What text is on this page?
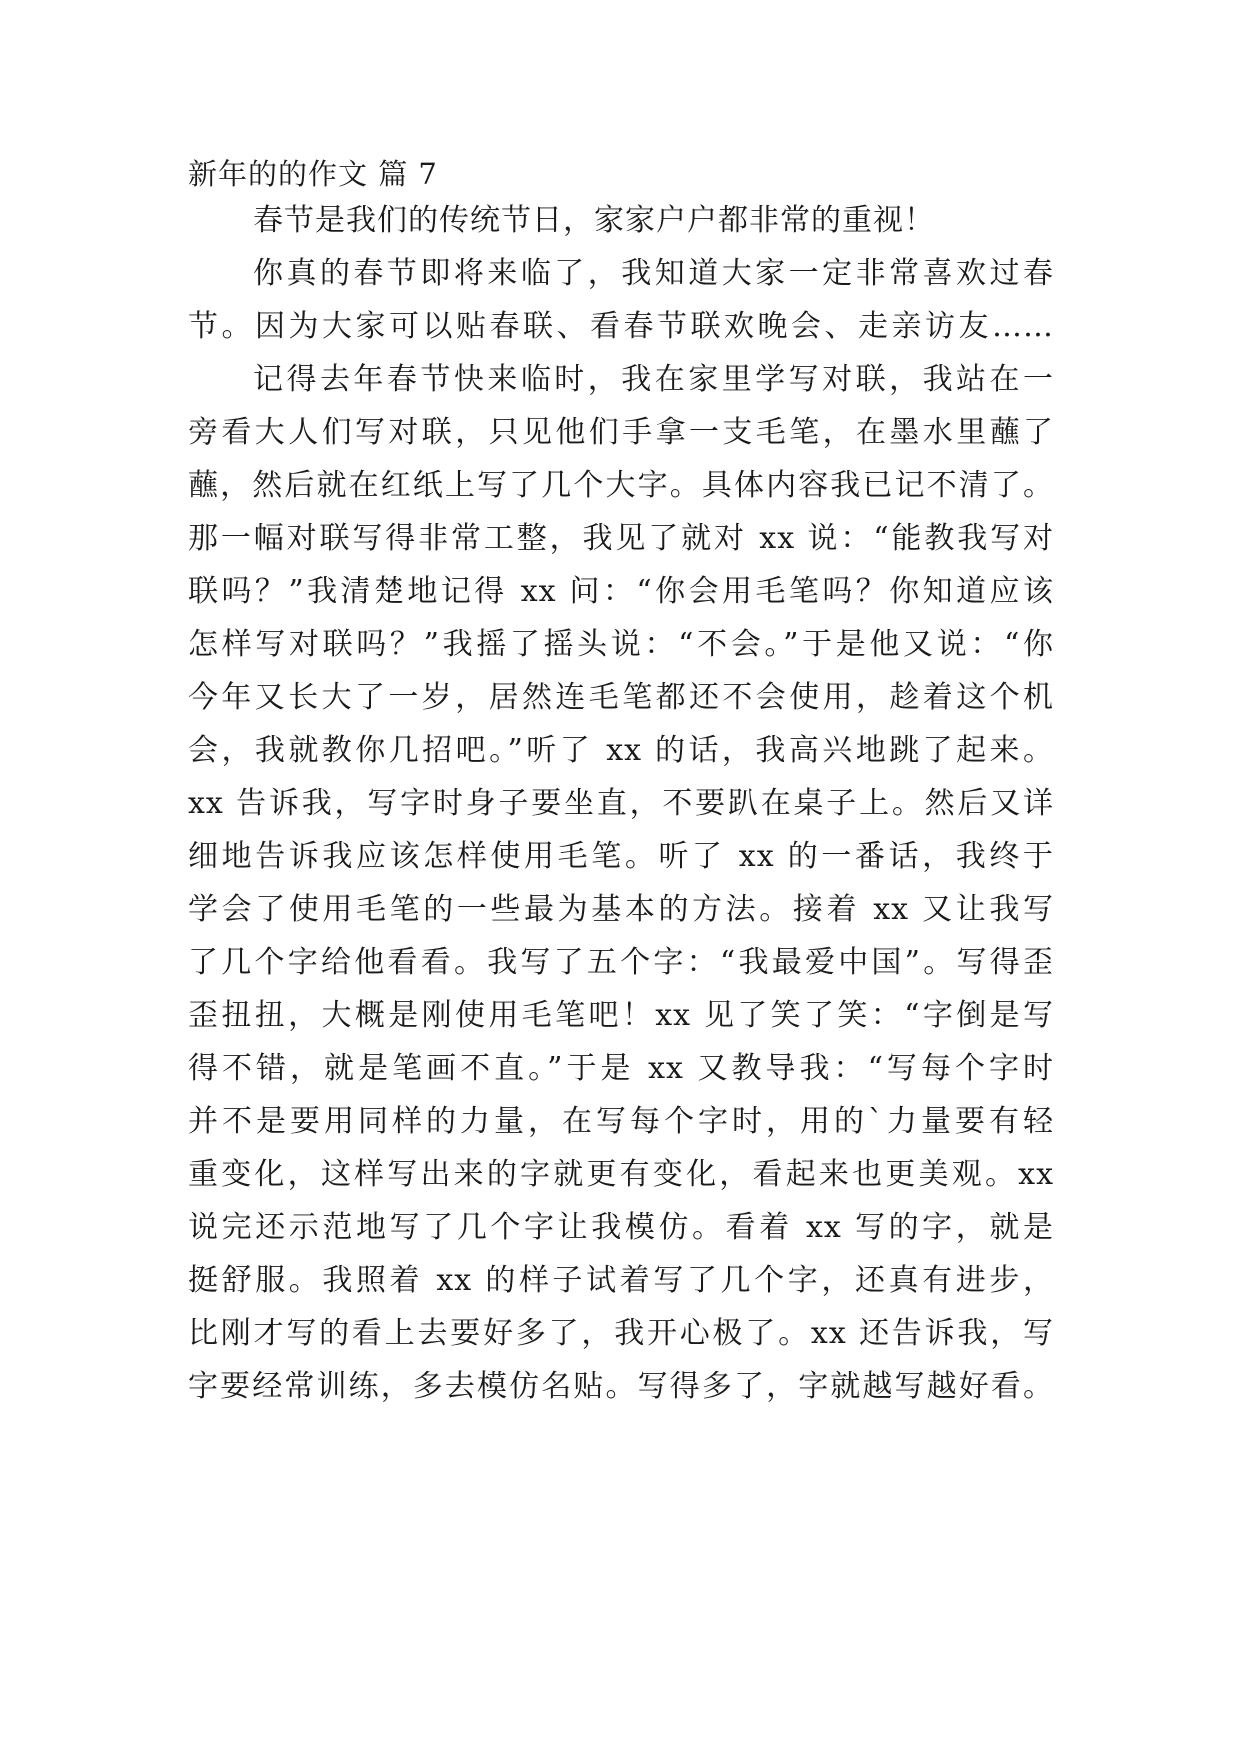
新年的的作文 篇 7
春节是我们的传统节日，家家户户都非常的重视！
你真的春节即将来临了，我知道大家一定非常喜欢过春
节。因为大家可以贴春联、看春节联欢晚会、走亲访友……
记得去年春节快来临时，我在家里学写对联，我站在一
旁看大人们写对联，只见他们手拿一支毛笔，在墨水里蘸了
蘸，然后就在红纸上写了几个大字。具体内容我已记不清了。
那一幅对联写得非常工整，我见了就对 xx 说：“能教我写对
联吗？”我清楚地记得 xx 问：“你会用毛笔吗？你知道应该
怎样写对联吗？”我摇了摇头说：“不会。”于是他又说：“你
今年又长大了一岁，居然连毛笔都还不会使用，趁着这个机
会，我就教你几招吧。”听了 xx 的话，我高兴地跳了起来。
xx 告诉我，写字时身子要坐直，不要趴在桌子上。然后又详
细地告诉我应该怎样使用毛笔。听了 xx 的一番话，我终于
学会了使用毛笔的一些最为基本的方法。接着 xx 又让我写
了几个字给他看看。我写了五个字：“我最爱中国”。写得歪
歪扭扭，大概是刚使用毛笔吧！xx 见了笑了笑：“字倒是写
得不错，就是笔画不直。”于是 xx 又教导我：“写每个字时
并不是要用同样的力量，在写每个字时，用的`力量要有轻
重变化，这样写出来的字就更有变化，看起来也更美观。xx
说完还示范地写了几个字让我模仿。看着 xx 写的字，就是
挺舒服。我照着 xx 的样子试着写了几个字，还真有进步，
比刚才写的看上去要好多了，我开心极了。xx 还告诉我，写
字要经常训练，多去模仿名贴。写得多了，字就越写越好看。
